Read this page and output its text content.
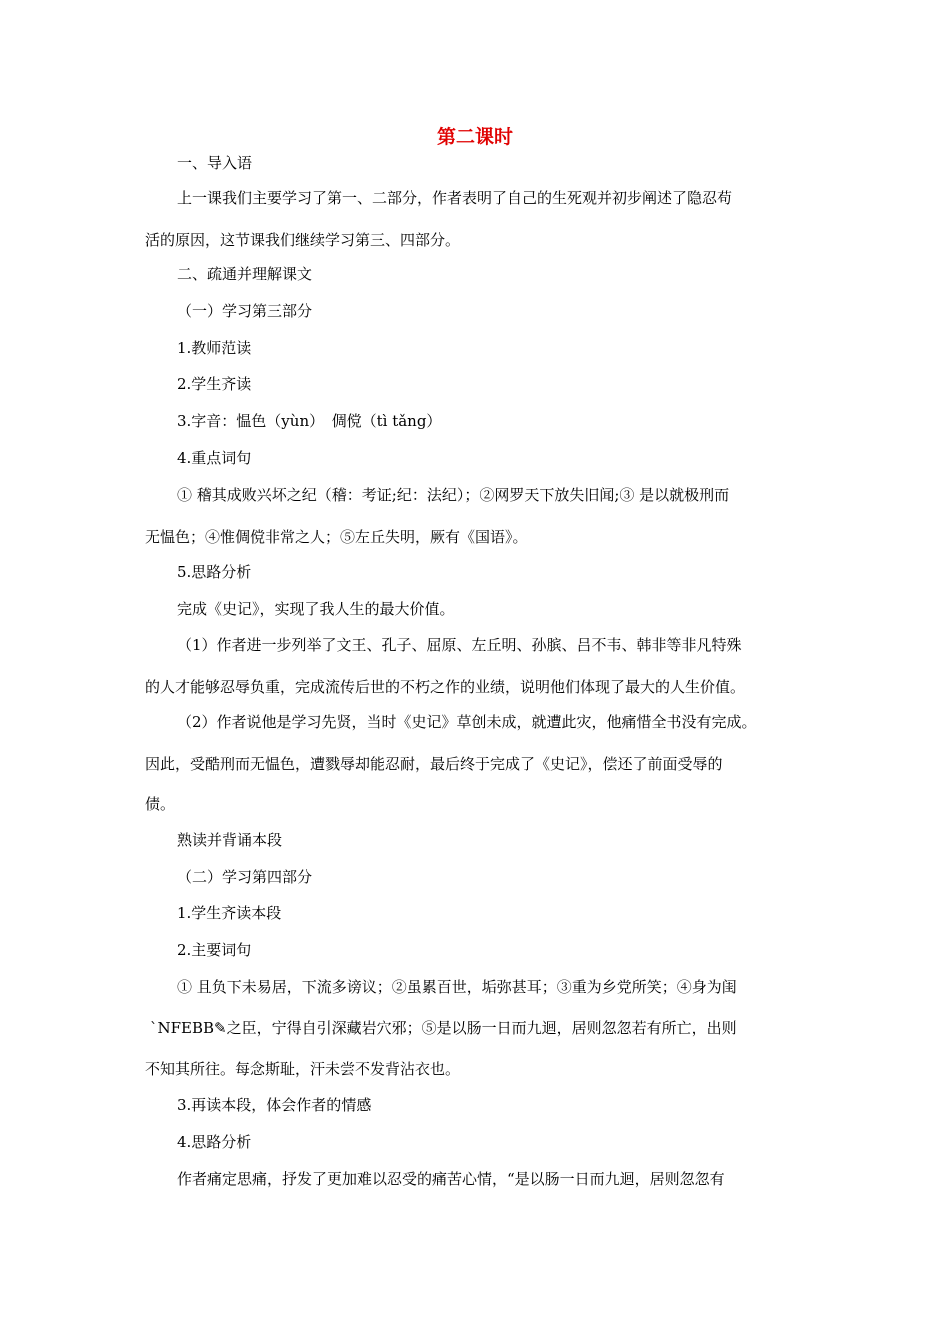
第二课时
一、导入语
上一课我们主要学习了第一、二部分，作者表明了自己的生死观并初步阐述了隐忍苟
活的原因，这节课我们继续学习第三、四部分。
二、疏通并理解课文
（一）学习第三部分
1.教师范读
2.学生齐读
3.字音：愠色（yùn）　倜傥（tì tǎng）
4.重点词句
① 稽其成败兴坏之纪（稽：考证;纪：法纪）；②网罗天下放失旧闻;③ 是以就极刑而
无愠色；④惟倜傥非常之人；⑤左丘失明，厥有《国语》。
5.思路分析
完成《史记》，实现了我人生的最大价值。
（1）作者进一步列举了文王、孔子、屈原、左丘明、孙膑、吕不韦、韩非等非凡特殊
的人才能够忍辱负重，完成流传后世的不朽之作的业绩，说明他们体现了最大的人生价值。
（2）作者说他是学习先贤，当时《史记》草创未成，就遭此灾，他痛惜全书没有完成。
因此，受酷刑而无愠色，遭戮辱却能忍耐，最后终于完成了《史记》，偿还了前面受辱的
债。
熟读并背诵本段
（二）学习第四部分
1.学生齐读本段
2.主要词句
① 且负下未易居，下流多谤议；②虽累百世，垢弥甚耳；③重为乡党所笑；④身为闺
`NFEBB✎之臣，宁得自引深藏岩穴邪；⑤是以肠一日而九迴，居则忽忽若有所亡，出则
不知其所往。每念斯耻，汗未尝不发背沾衣也。
3.再读本段，体会作者的情感
4.思路分析
作者痛定思痛，抒发了更加难以忍受的痛苦心情，“是以肠一日而九迴，居则忽忽有
